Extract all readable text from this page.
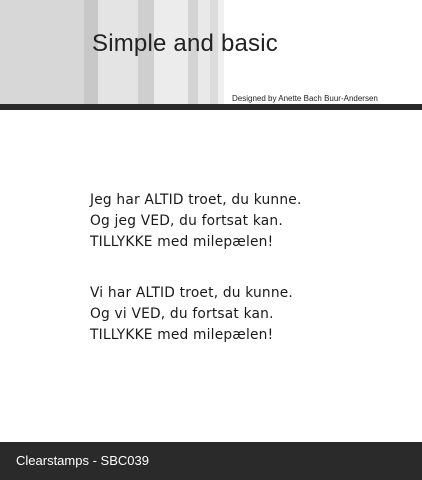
Simple and basic
Designed by Anette Bach Buur-Andersen
Jeg har ALTID troet, du kunne.
Og jeg VED, du fortsat kan.
TILLYKKE med milepælen!
Vi har ALTID troet, du kunne.
Og vi VED, du fortsat kan.
TILLYKKE med milepælen!
Clearstamps - SBC039
